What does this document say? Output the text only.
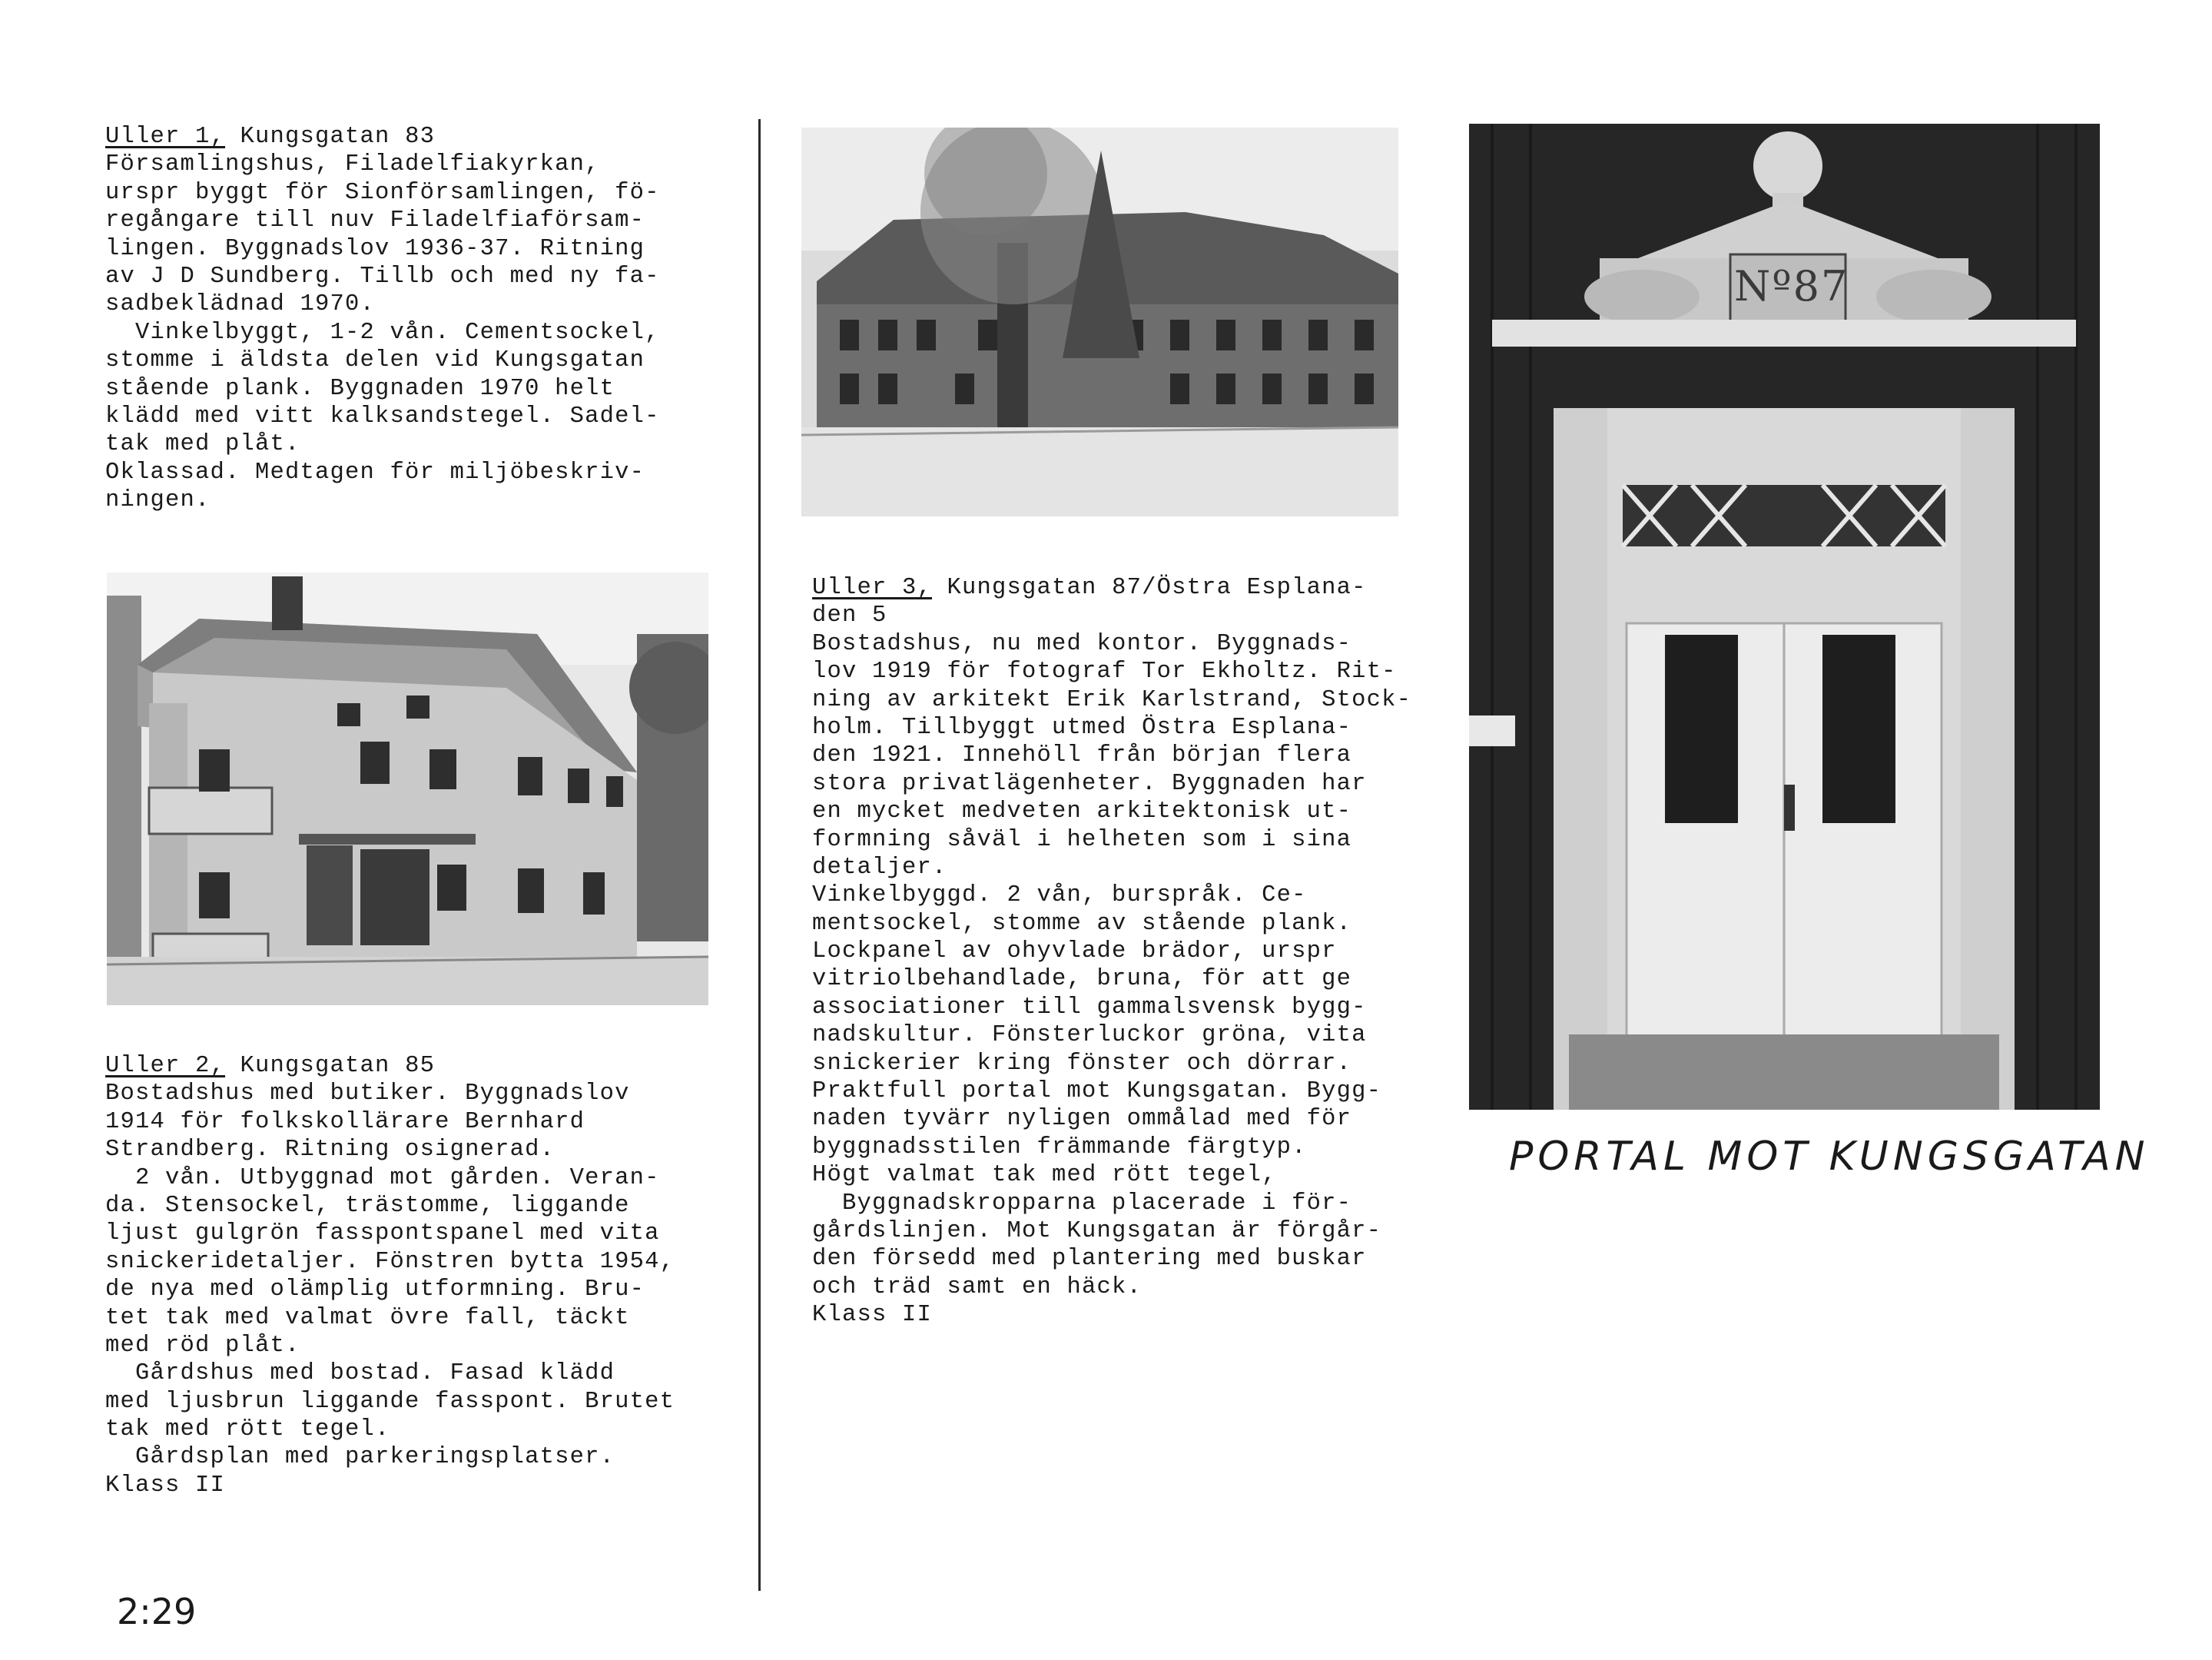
Uller 1, Kungsgatan 83
Församlingshus, Filadelfiakyrkan,
urspr byggt för Sionförsamlingen, fö-
regångare till nuv Filadelfiaförsam-
lingen. Byggnadslov 1936-37. Ritning
av J D Sundberg. Tillb och med ny fa-
sadbeklädnad 1970.
Vinkelbyggt, 1-2 vån. Cementsockel,
stomme i äldsta delen vid Kungsgatan
stående plank. Byggnaden 1970 helt
klädd med vitt kalksandstegel. Sadel-
tak med plåt.
Oklassad. Medtagen för miljöbeskriv-
ningen.
Uller 2, Kungsgatan 85
Bostadshus med butiker. Byggnadslov
1914 för folkskollärare Bernhard
Strandberg. Ritning osignerad.
2 vån. Utbyggnad mot gården. Veran-
da. Stensockel, trästomme, liggande
ljust gulgrön fasspontspanel med vita
snickeridetaljer. Fönstren bytta 1954,
de nya med olämplig utformning. Bru-
tet tak med valmat övre fall, täckt
med röd plåt.
Gårdshus med bostad. Fasad klädd
med ljusbrun liggande fasspont. Brutet
tak med rött tegel.
Gårdsplan med parkeringsplatser.
Klass II
Uller 3, Kungsgatan 87/Östra Esplana-
den 5
Bostadshus, nu med kontor. Byggnads-
lov 1919 för fotograf Tor Ekholtz. Rit-
ning av arkitekt Erik Karlstrand, Stock-
holm. Tillbyggt utmed Östra Esplana-
den 1921. Innehöll från början flera
stora privatlägenheter. Byggnaden har
en mycket medveten arkitektonisk ut-
formning såväl i helheten som i sina
detaljer.
Vinkelbyggd. 2 vån, burspråk. Ce-
mentsockel, stomme av stående plank.
Lockpanel av ohyvlade brädor, urspr
vitriolbehandlade, bruna, för att ge
associationer till gammalsvensk bygg-
nadskultur. Fönsterluckor gröna, vita
snickerier kring fönster och dörrar.
Praktfull portal mot Kungsgatan. Bygg-
naden tyvärr nyligen ommålad med för
byggnadsstilen främmande färgtyp.
Högt valmat tak med rött tegel,
Byggnadskropparna placerade i för-
gårdslinjen. Mot Kungsgatan är förgår-
den försedd med plantering med buskar
och träd samt en häck.
Klass II
Nº87
PORTAL MOT KUNGSGATAN
2:29
